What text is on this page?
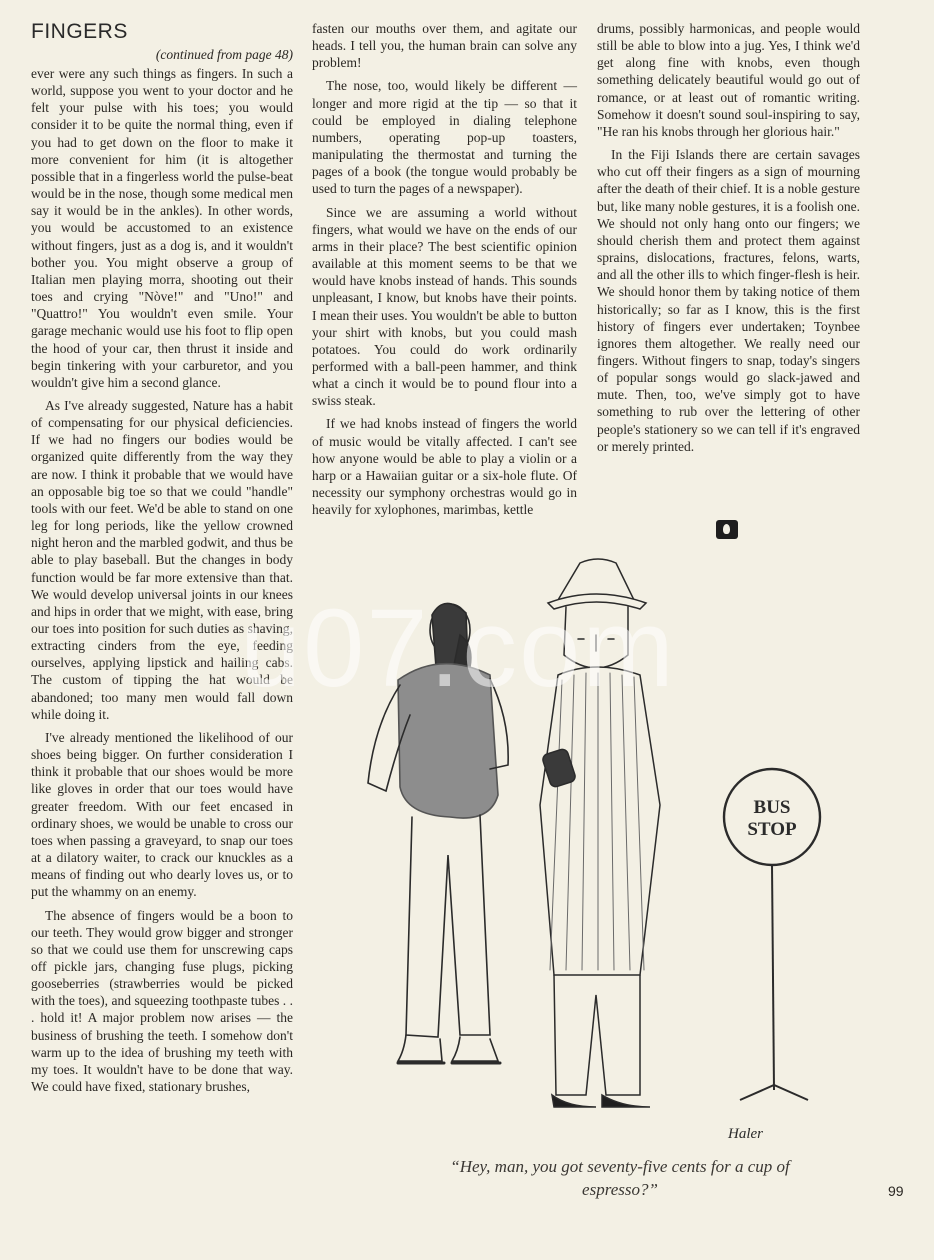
FINGERS
(continued from page 48)

ever were any such things as fingers. In such a world, suppose you went to your doctor and he felt your pulse with his toes; you would consider it to be quite the normal thing, even if you had to get down on the floor to make it more convenient for him (it is altogether possible that in a fingerless world the pulse-beat would be in the nose, though some medical men say it would be in the ankles). In other words, you would be accustomed to an existence without fingers, just as a dog is, and it wouldn't bother you. You might observe a group of Italian men playing morra, shooting out their toes and crying "Nòve!" and "Uno!" and "Quattro!" You wouldn't even smile. Your garage mechanic would use his foot to flip open the hood of your car, then thrust it inside and begin tinkering with your carburetor, and you wouldn't give him a second glance.

As I've already suggested, Nature has a habit of compensating for our physical deficiencies. If we had no fingers our bodies would be organized quite differently from the way they are now. I think it probable that we would have an opposable big toe so that we could "handle" tools with our feet. We'd be able to stand on one leg for long periods, like the yellow crowned night heron and the marbled godwit, and thus be able to play baseball. But the changes in body function would be far more extensive than that. We would develop universal joints in our knees and hips in order that we might, with ease, bring our toes into position for such duties as shaving, extracting cinders from the eye, feeding ourselves, applying lipstick and hailing cabs. The custom of tipping the hat would be abandoned; too many men would fall down while doing it.

I've already mentioned the likelihood of our shoes being bigger. On further consideration I think it probable that our shoes would be more like gloves in order that our toes would have greater freedom. With our feet encased in ordinary shoes, we would be unable to cross our toes when passing a graveyard, to snap our toes at a dilatory waiter, to crack our knuckles as a means of finding out who dearly loves us, or to put the whammy on an enemy.

The absence of fingers would be a boon to our teeth. They would grow bigger and stronger so that we could use them for unscrewing caps off pickle jars, changing fuse plugs, picking gooseberries (strawberries would be picked with the toes), and squeezing toothpaste tubes . . . hold it! A major problem now arises — the business of brushing the teeth. I somehow don't warm up to the idea of brushing my teeth with my toes. It wouldn't have to be done that way. We could have fixed, stationary brushes,

fasten our mouths over them, and agitate our heads. I tell you, the human brain can solve any problem!

The nose, too, would likely be different — longer and more rigid at the tip — so that it could be employed in dialing telephone numbers, operating pop-up toasters, manipulating the thermostat and turning the pages of a book (the tongue would probably be used to turn the pages of a newspaper).

Since we are assuming a world without fingers, what would we have on the ends of our arms in their place? The best scientific opinion available at this moment seems to be that we would have knobs instead of hands. This sounds unpleasant, I know, but knobs have their points. I mean their uses. You wouldn't be able to button your shirt with knobs, but you could mash potatoes. You could do work ordinarily performed with a ball-peen hammer, and think what a cinch it would be to pound flour into a swiss steak.

If we had knobs instead of fingers the world of music would be vitally affected. I can't see how anyone would be able to play a violin or a harp or a Hawaiian guitar or a six-hole flute. Of necessity our symphony orchestras would go in heavily for xylophones, marimbas, kettle

drums, possibly harmonicas, and people would still be able to blow into a jug. Yes, I think we'd get along fine with knobs, even though something delicately beautiful would go out of romance, or at least out of romantic writing. Somehow it doesn't sound soul-inspiring to say, "He ran his knobs through her glorious hair."

In the Fiji Islands there are certain savages who cut off their fingers as a sign of mourning after the death of their chief. It is a noble gesture but, like many noble gestures, it is a foolish one. We should not only hang onto our fingers; we should cherish them and protect them against sprains, dislocations, fractures, felons, warts, and all the other ills to which finger-flesh is heir. We should honor them by taking notice of them historically; so far as I know, this is the first history of fingers ever undertaken; Toynbee ignores them altogether. We really need our fingers. Without fingers to snap, today's singers of popular songs would go slack-jawed and mute. Then, too, we've simply got to have something to rub over the lettering of other people's stationery so we can tell if it's engraved or merely printed.

BUS
STOP
Haler
“Hey, man, you got seventy-five cents for a cup of espresso?”	99
u07.com
